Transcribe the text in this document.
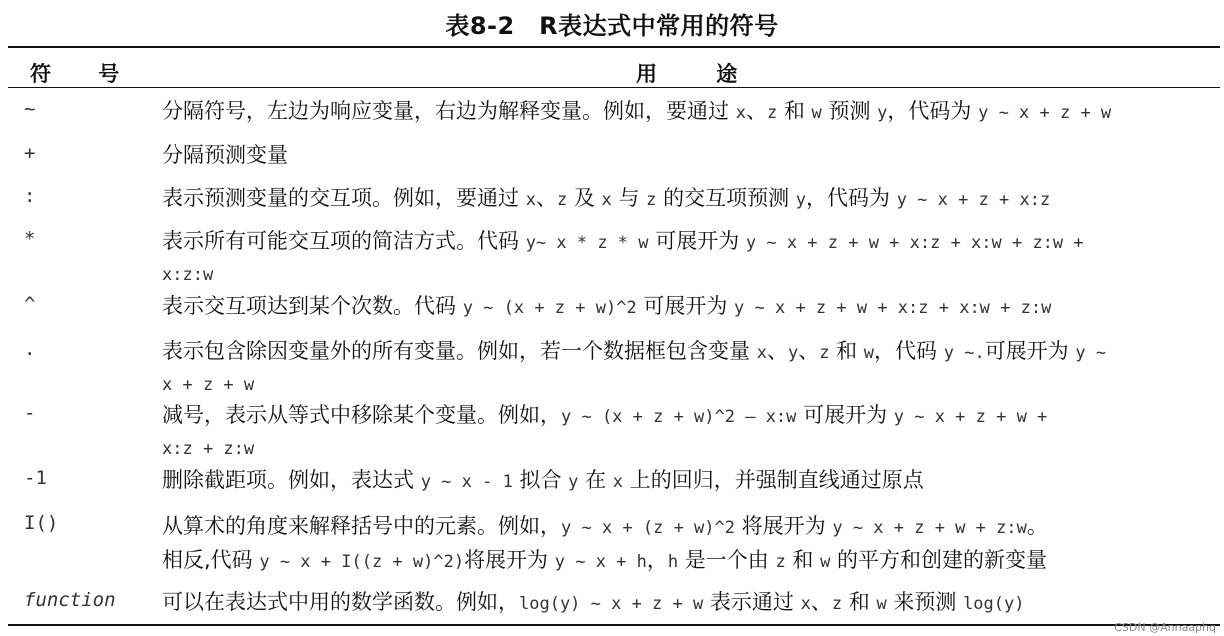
表8-2　R表达式中常用的符号
符 号	用 途
~	分隔符号，左边为响应变量，右边为解释变量。例如，要通过 x、z 和 w 预测 y，代码为 y ~ x + z + w
+	分隔预测变量
:	表示预测变量的交互项。例如，要通过 x、z 及 x 与 z 的交互项预测 y，代码为 y ~ x + z + x:z
*	表示所有可能交互项的简洁方式。代码 y~ x * z * w 可展开为 y ~ x + z + w + x:z + x:w + z:w +
x:z:w
^	表示交互项达到某个次数。代码 y ~ (x + z + w)^2 可展开为 y ~ x + z + w + x:z + x:w + z:w
.	表示包含除因变量外的所有变量。例如，若一个数据框包含变量 x、y、z 和 w，代码 y ~.可展开为 y ~
x + z + w
-	减号，表示从等式中移除某个变量。例如，y ~ (x + z + w)^2 – x:w 可展开为 y ~ x + z + w +
x:z + z:w
-1	删除截距项。例如，表达式 y ~ x - 1 拟合 y 在 x 上的回归，并强制直线通过原点
I()	从算术的角度来解释括号中的元素。例如，y ~ x + (z + w)^2 将展开为 y ~ x + z + w + z:w。
相反,代码 y ~ x + I((z + w)^2)将展开为 y ~ x + h，h 是一个由 z 和 w 的平方和创建的新变量
function 可以在表达式中用的数学函数。例如，log(y) ~ x + z + w 表示通过 x、z 和 w 来预测 log(y)
CSDN @Annaaphq
